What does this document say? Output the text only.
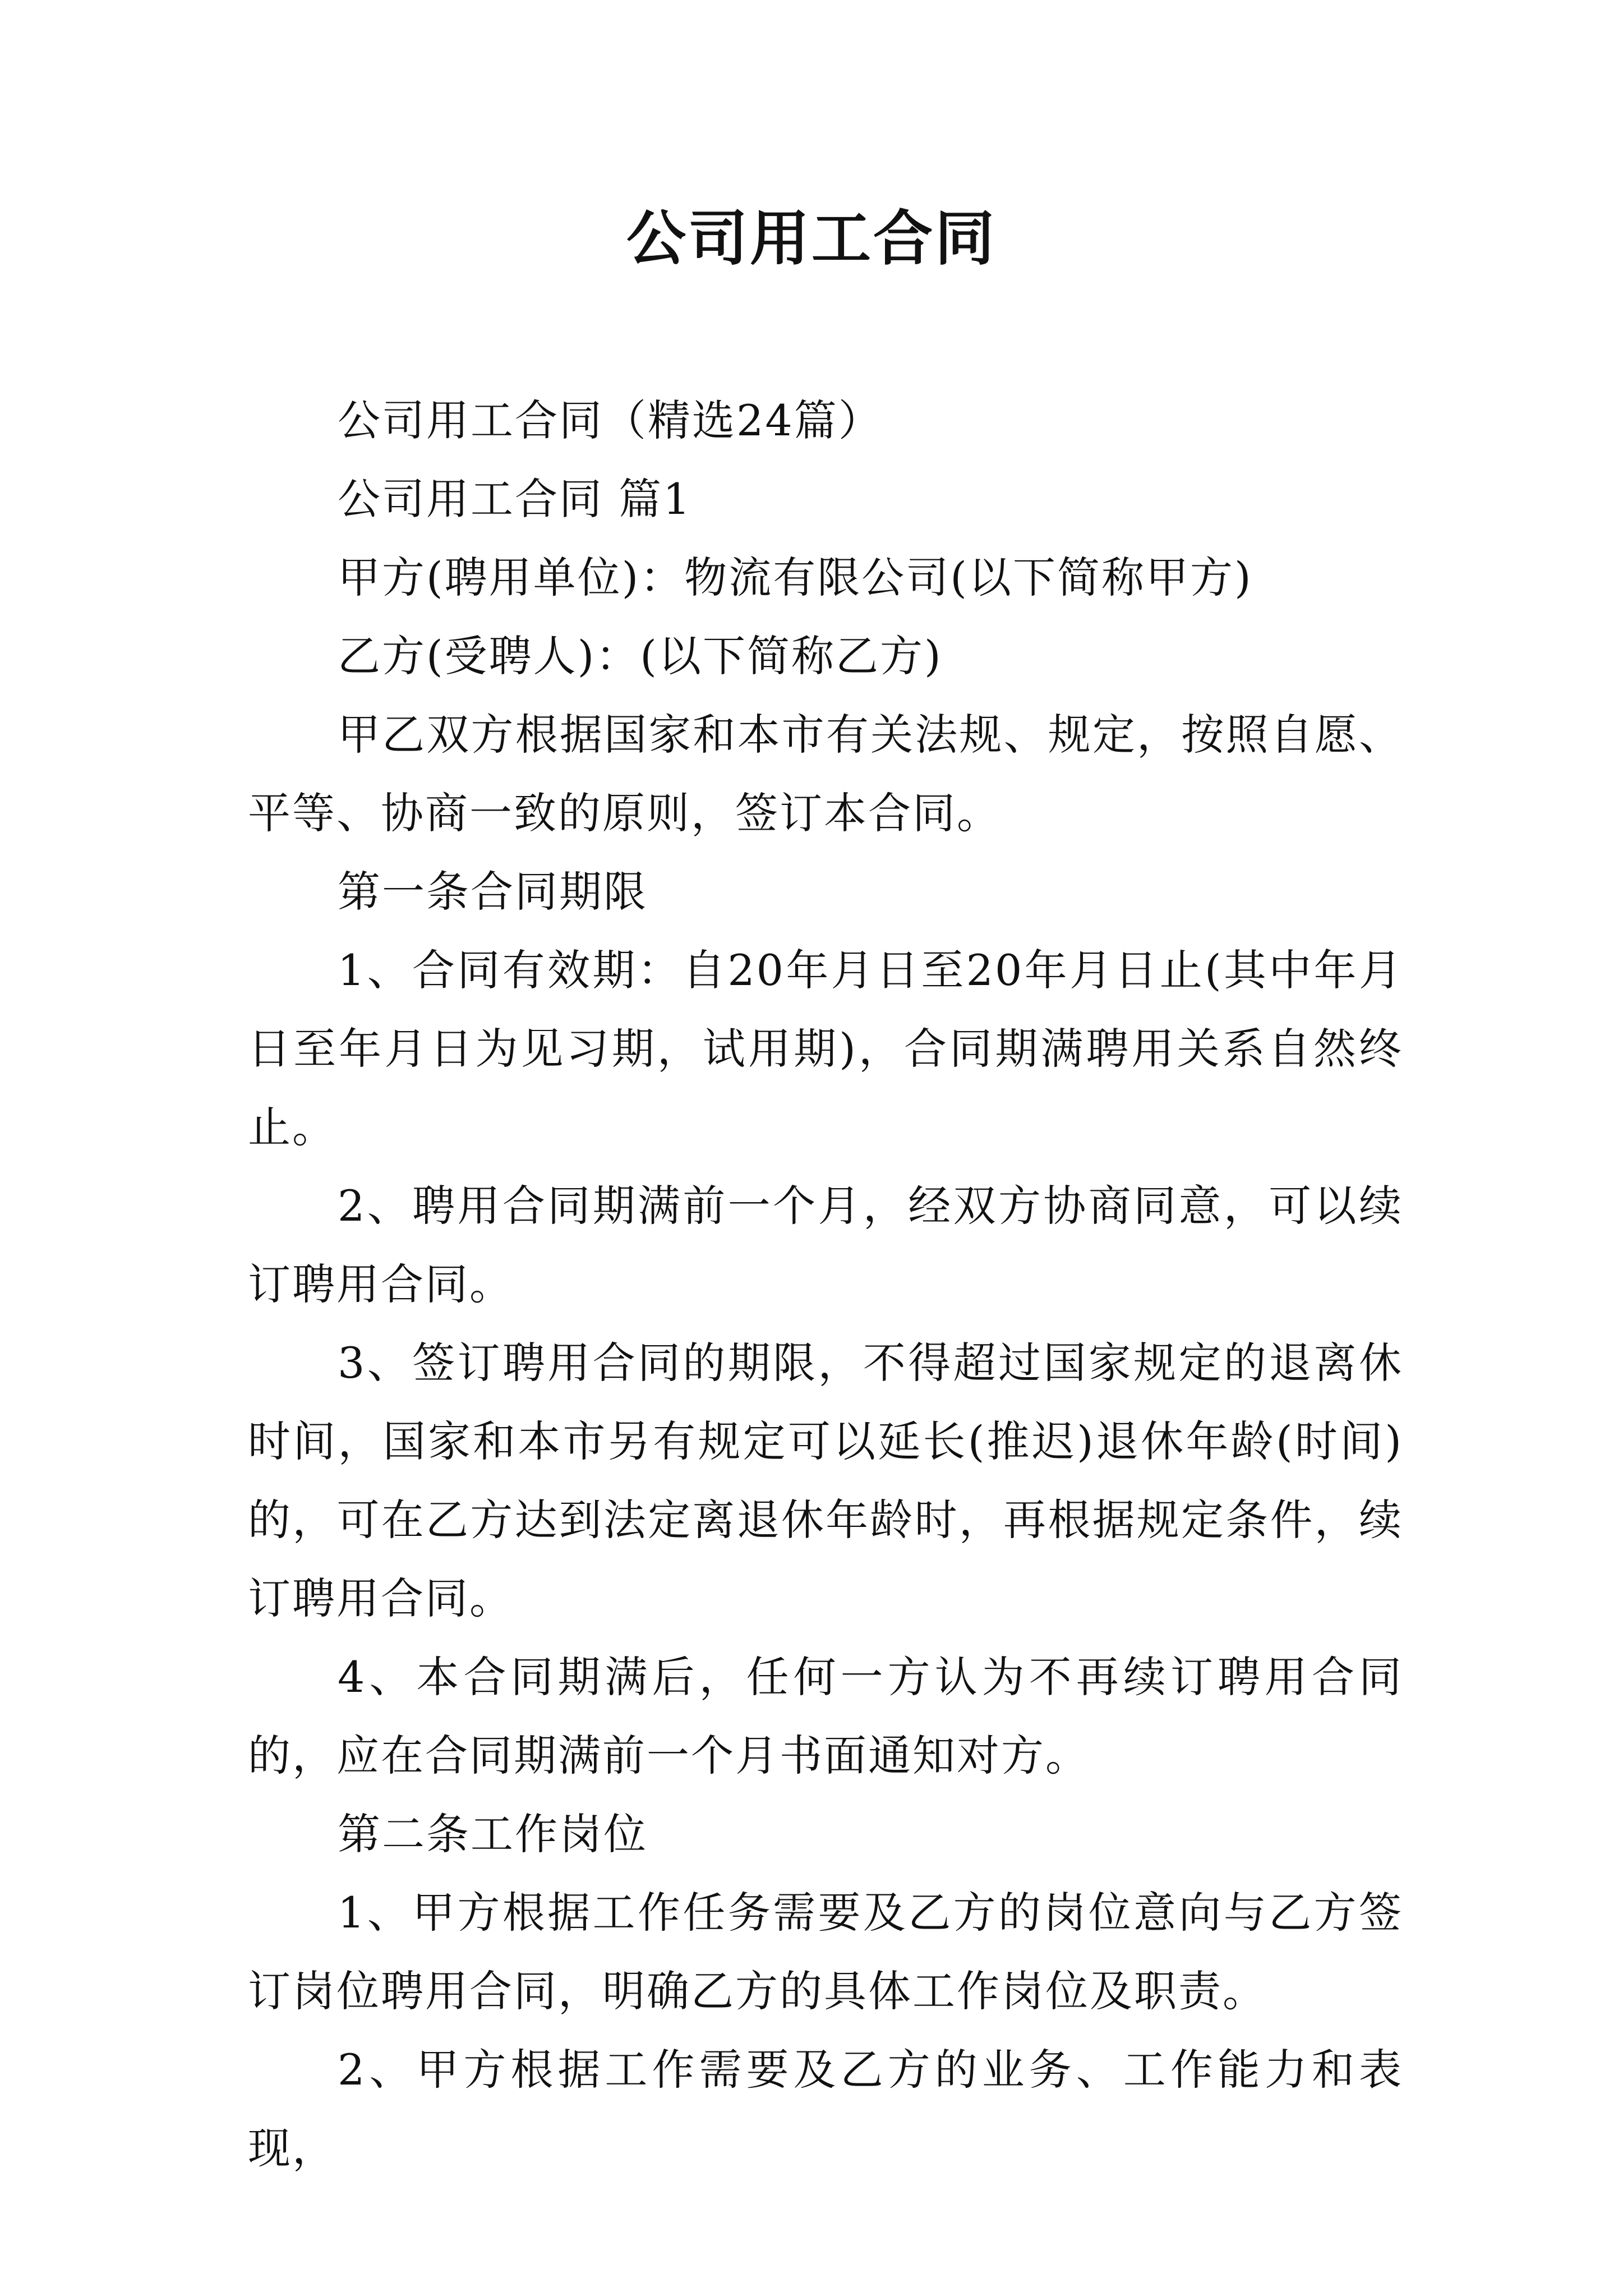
公司用工合同

公司用工合同（精选24篇）

公司用工合同 篇1

甲方(聘用单位)：物流有限公司(以下简称甲方)

乙方(受聘人)：(以下简称乙方)

甲乙双方根据国家和本市有关法规、规定，按照自愿、平等、协商一致的原则，签订本合同。

第一条合同期限

1、合同有效期：自20年月日至20年月日止(其中年月日至年月日为见习期，试用期)，合同期满聘用关系自然终止。

2、聘用合同期满前一个月，经双方协商同意，可以续订聘用合同。

3、签订聘用合同的期限，不得超过国家规定的退离休时间，国家和本市另有规定可以延长(推迟)退休年龄(时间)的，可在乙方达到法定离退休年龄时，再根据规定条件，续订聘用合同。

4、本合同期满后，任何一方认为不再续订聘用合同的，应在合同期满前一个月书面通知对方。

第二条工作岗位

1、甲方根据工作任务需要及乙方的岗位意向与乙方签订岗位聘用合同，明确乙方的具体工作岗位及职责。

2、甲方根据工作需要及乙方的业务、工作能力和表现，
